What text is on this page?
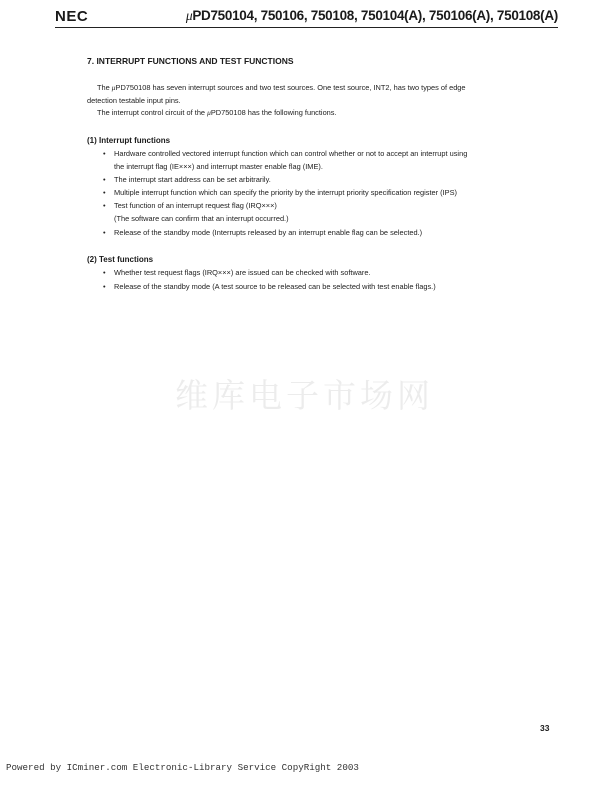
NEC	μPD750104, 750106, 750108, 750104(A), 750106(A), 750108(A)
7. INTERRUPT FUNCTIONS AND TEST FUNCTIONS
The μPD750108 has seven interrupt sources and two test sources. One test source, INT2, has two types of edge
detection testable input pins.
The interrupt control circuit of the μPD750108 has the following functions.
(1) Interrupt functions
• Hardware controlled vectored interrupt function which can control whether or not to accept an interrupt using
the interrupt flag (IE×××) and interrupt master enable flag (IME).
• The interrupt start address can be set arbitrarily.
• Multiple interrupt function which can specify the priority by the interrupt priority specification register (IPS)
• Test function of an interrupt request flag (IRQ×××)
(The software can confirm that an interrupt occurred.)
• Release of the standby mode (Interrupts released by an interrupt enable flag can be selected.)
(2) Test functions
• Whether test request flags (IRQ×××) are issued can be checked with software.
• Release of the standby mode (A test source to be released can be selected with test enable flags.)
维库电子市场网
33
Powered by ICminer.com Electronic-Library Service CopyRight 2003
